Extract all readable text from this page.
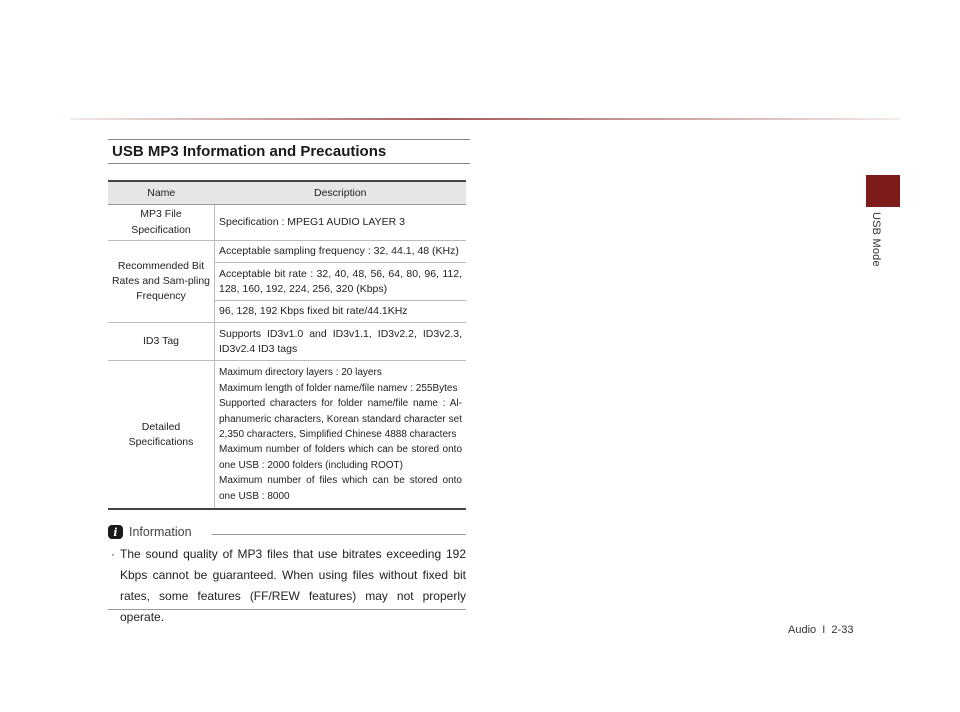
USB Mode
USB MP3 Information and Precautions
Name	Description
MP3 File Specification	Specification : MPEG1 AUDIO LAYER 3
Recommended Bit Rates and Sam-pling Frequency	Acceptable sampling frequency : 32, 44.1, 48 (KHz)
	Acceptable bit rate : 32, 40, 48, 56, 64, 80, 96, 112, 128, 160, 192, 224, 256, 320 (Kbps)
	96, 128, 192 Kbps fixed bit rate/44.1KHz
ID3 Tag	Supports ID3v1.0 and ID3v1.1, ID3v2.2, ID3v2.3, ID3v2.4 ID3 tags
Detailed Specifications	Maximum directory layers : 20 layers
Maximum length of folder name/file namev : 255Bytes
Supported characters for folder name/file name : Al-phanumeric characters, Korean standard character set 2,350 characters, Simplified Chinese 4888 characters
Maximum number of folders which can be stored onto one USB : 2000 folders (including ROOT)
Maximum number of files which can be stored onto one USB : 8000
i Information
· The sound quality of MP3 files that use bitrates exceeding 192 Kbps cannot be guaranteed. When using files without fixed bit rates, some features (FF/REW features) may not properly operate.
Audio  I  2-33
